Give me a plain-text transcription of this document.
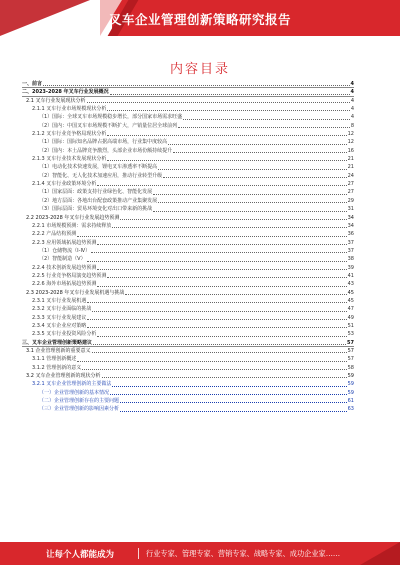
叉车企业管理创新策略研究报告
内容目录
一、前言	4
二、2023-2028 年叉车行业发展概况	4
2.1 叉车行业发展现状分析	4
2.1.1 叉车行业市场规模现状分析	4
（1）国际：全球叉车市场规模稳步增长，部分国家市场需求旺盛	4
（2）国内：中国叉车市场规模不断扩大，产销量位居全球前列	8
2.1.2 叉车行业竞争格局现状分析	12
（1）国际：国际知名品牌占据高端市场，行业集中度较高	12
（2）国内：本土品牌竞争激烈，头部企业市场份额持续提升	16
2.1.3 叉车行业技术发展现状分析	21
（1）电动化技术快速发展，锂电叉车渗透率不断提高	21
（2）智能化、无人化技术加速应用，推动行业转型升级	24
2.1.4 叉车行业政策环境分析	27
（1）国家层面：政策支持行业绿色化、智能化发展	27
（2）地方层面：各地出台配套政策推动产业集聚发展	29
（3）国际层面：贸易环境变化对出口带来新的挑战	31
2.2 2023-2028 年叉车行业发展趋势预测	34
2.2.1 市场规模预测：需求持续释放	34
2.2.2 产品结构预测	36
2.2.3 应用领域拓展趋势预测	37
（1）仓储物流（Ⅰ-Ⅳ）	37
（2）智能制造（Ⅴ）	38
2.2.4 技术创新发展趋势预测	39
2.2.5 行业竞争格局演变趋势预测	41
2.2.6 海外市场拓展趋势预测	43
2.3 2023-2028 年叉车行业发展机遇与挑战	45
2.3.1 叉车行业发展机遇	45
2.3.2 叉车行业面临的挑战	47
2.3.3 叉车行业发展建议	49
2.3.4 叉车企业应对策略	51
2.3.5 叉车行业投资风险分析	53
三、叉车企业管理创新策略建议	57
3.1 企业管理创新的重要意义	57
3.1.1 管理创新概述	57
3.1.2 管理创新的意义	58
3.2 叉车企业管理创新的现状分析	59
3.2.1 叉车企业管理创新的主要做法	59
（一）企业管理创新的基本情况	59
（二）企业管理创新存在的主要问题	61
（三）企业管理创新的影响因素分析	63
让每个人都能成为	行业专家、管理专家、营销专家、战略专家、成功企业家……
